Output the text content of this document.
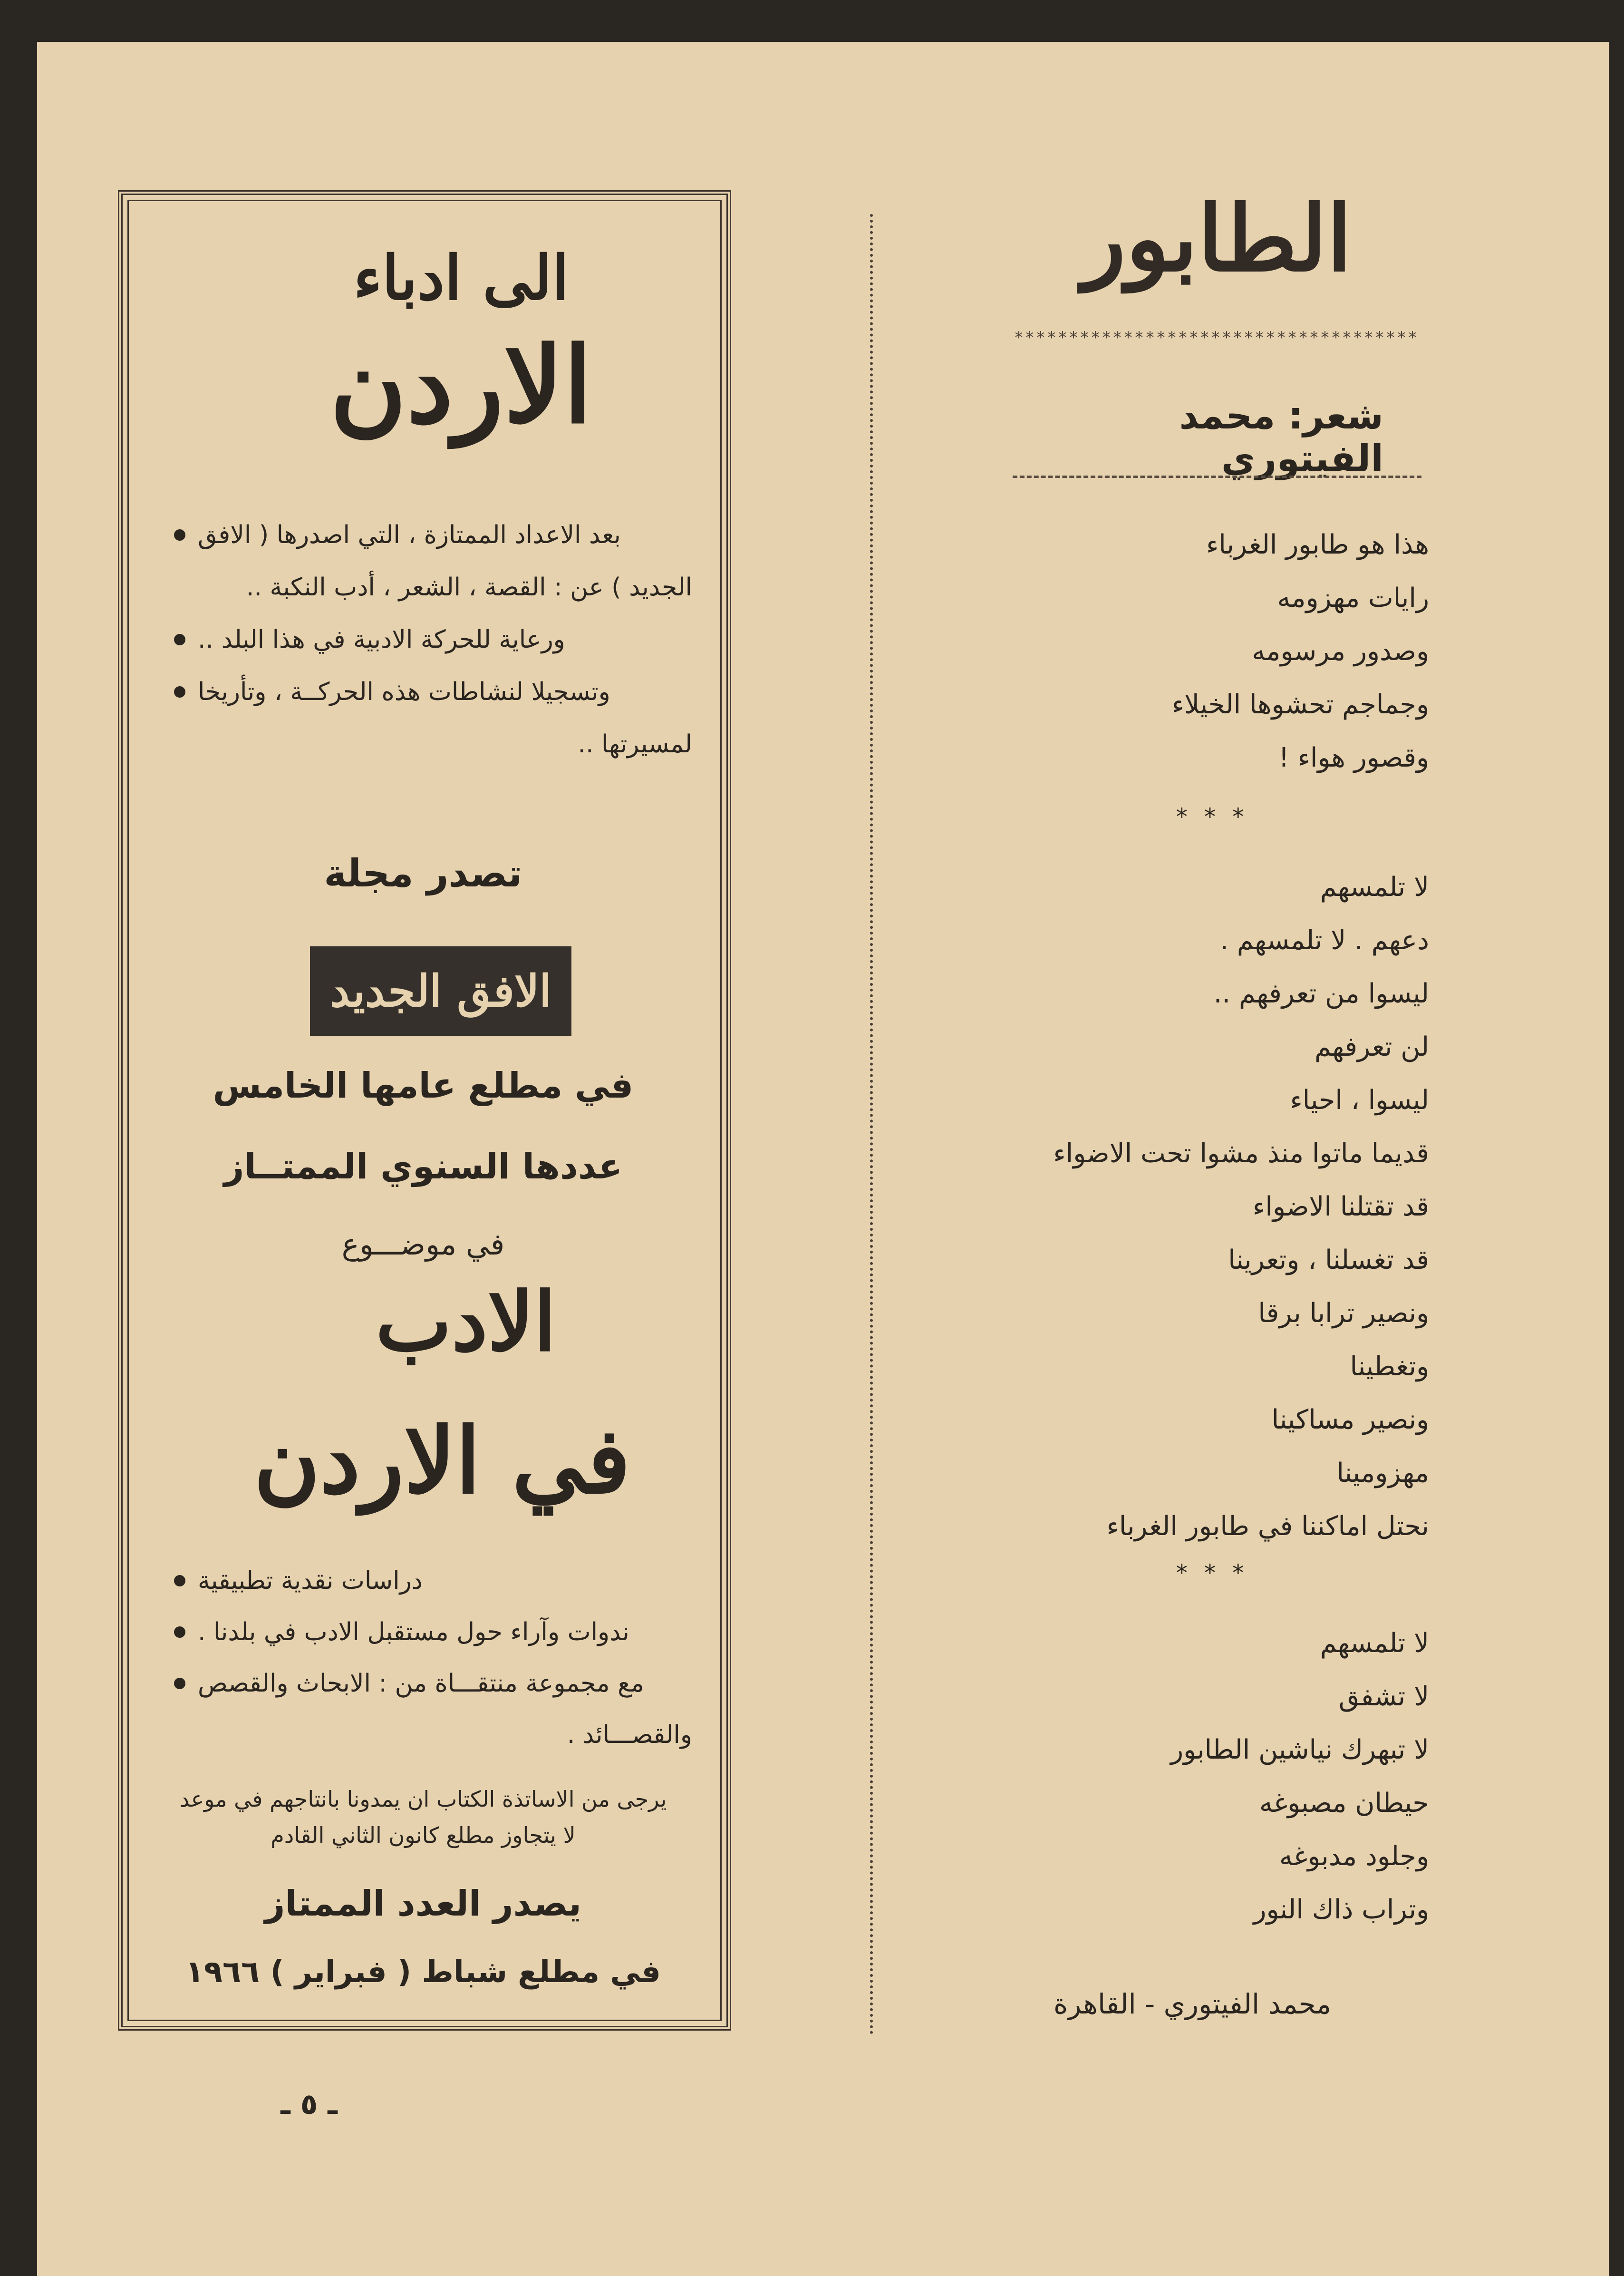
الطابور
*************************************
شعر: محمد الفيتوري
هذا هو طابور الغرباء
رايات مهزومه
وصدور مرسومه
وجماجم تحشوها الخيلاء
وقصور هواء !
* * *
لا تلمسهم
دعهم . لا تلمسهم .
ليسوا من تعرفهم ..
لن تعرفهم
ليسوا ، احياء
قديما ماتوا منذ مشوا تحت الاضواء
قد تقتلنا الاضواء
قد تغسلنا ، وتعرينا
ونصير ترابا برقا
وتغطينا
ونصير مساكينا
مهزومينا
نحتل اماكننا في طابور الغرباء
* * *
لا تلمسهم
لا تشفق
لا تبهرك نياشين الطابور
حيطان مصبوغه
وجلود مدبوغه
وتراب ذاك النور
محمد الفيتوري - القاهرة
الى ادباء
الاردن
بعد الاعداد الممتازة ، التي اصدرها ( الافق
الجديد ) عن : القصة ، الشعر ، أدب النكبة ..
ورعاية للحركة الادبية في هذا البلد ..
وتسجيلا لنشاطات هذه الحركــة ، وتأريخا
لمسيرتها ..
تصدر مجلة
الافق الجديد
في مطلع عامها الخامس
عددها السنوي الممتــاز
في موضـــوع
الادب
في الاردن
دراسات نقدية تطبيقية
ندوات وآراء حول مستقبل الادب في بلدنا .
مع مجموعة منتقـــاة من : الابحاث والقصص
والقصـــائد .
يرجى من الاساتذة الكتاب ان يمدونا بانتاجهم في موعد
لا يتجاوز مطلع كانون الثاني القادم
يصدر العدد الممتاز
في مطلع شباط ( فبراير ) ١٩٦٦
ـ ٥ ـ
